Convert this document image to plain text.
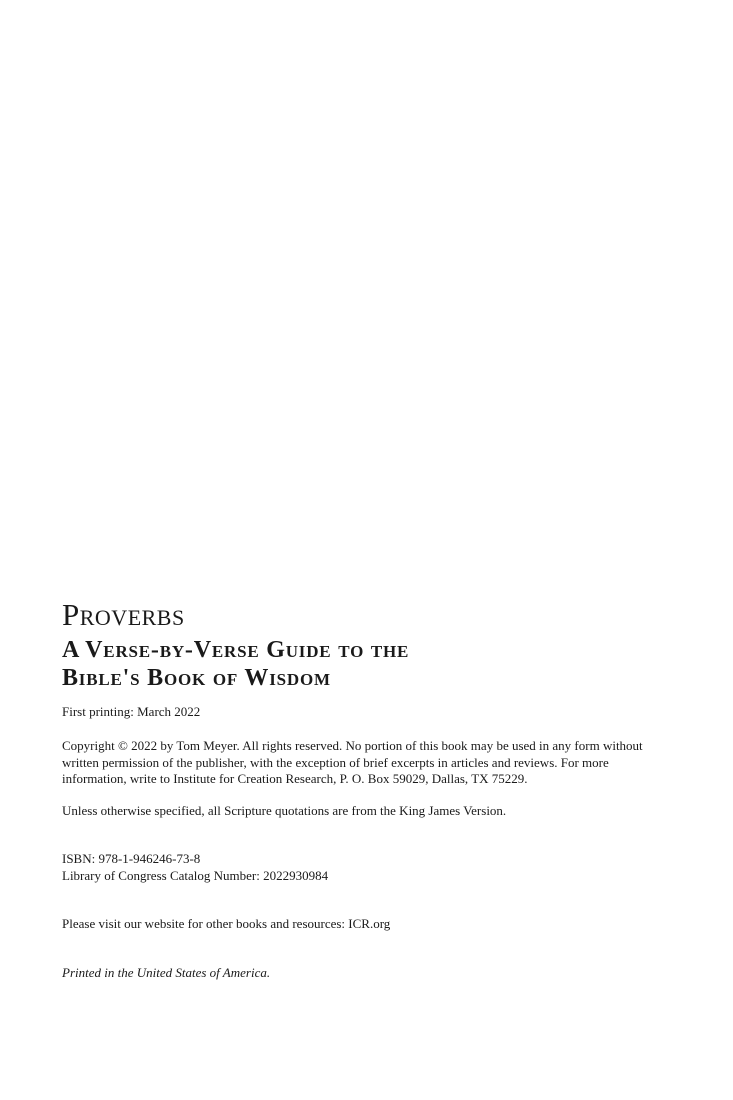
Proverbs
A Verse-by-Verse Guide to the
Bible's Book of Wisdom

First printing: March 2022

Copyright © 2022 by Tom Meyer. All rights reserved. No portion of this book may be used in any form without written permission of the publisher, with the exception of brief excerpts in articles and reviews. For more information, write to Institute for Creation Research, P. O. Box 59029, Dallas, TX 75229.

Unless otherwise specified, all Scripture quotations are from the King James Version.

ISBN: 978-1-946246-73-8
Library of Congress Catalog Number: 2022930984

Please visit our website for other books and resources: ICR.org

Printed in the United States of America.
